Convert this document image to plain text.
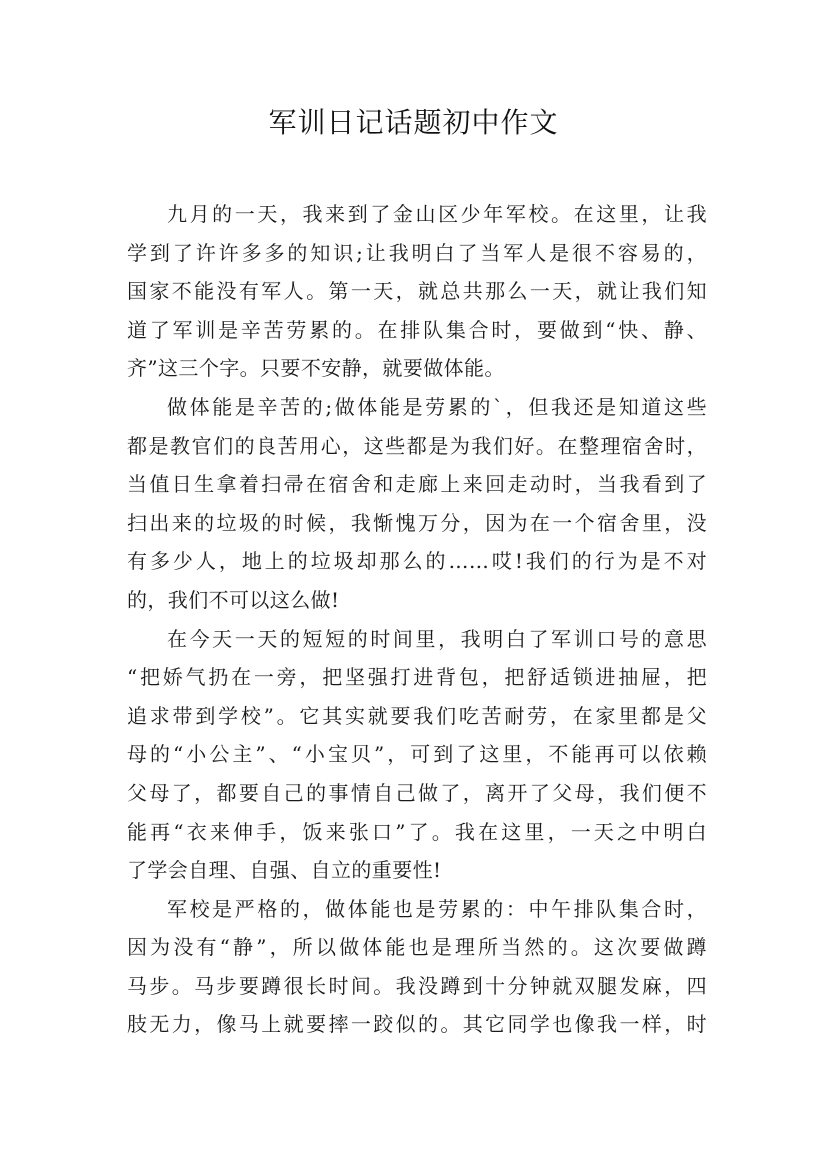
军训日记话题初中作文
九月的一天，我来到了金山区少年军校。在这里，让我
学到了许许多多的知识;让我明白了当军人是很不容易的，
国家不能没有军人。第一天，就总共那么一天，就让我们知
道了军训是辛苦劳累的。在排队集合时，要做到“快、静、
齐”这三个字。只要不安静，就要做体能。
做体能是辛苦的;做体能是劳累的`，但我还是知道这些
都是教官们的良苦用心，这些都是为我们好。在整理宿舍时，
当值日生拿着扫帚在宿舍和走廊上来回走动时，当我看到了
扫出来的垃圾的时候，我惭愧万分，因为在一个宿舍里，没
有多少人，地上的垃圾却那么的……哎!我们的行为是不对
的，我们不可以这么做!
在今天一天的短短的时间里，我明白了军训口号的意思
“把娇气扔在一旁，把坚强打进背包，把舒适锁进抽屉，把
追求带到学校”。它其实就要我们吃苦耐劳，在家里都是父
母的“小公主”、“小宝贝”，可到了这里，不能再可以依赖
父母了，都要自己的事情自己做了，离开了父母，我们便不
能再“衣来伸手，饭来张口”了。我在这里，一天之中明白
了学会自理、自强、自立的重要性!
军校是严格的，做体能也是劳累的：中午排队集合时，
因为没有“静”，所以做体能也是理所当然的。这次要做蹲
马步。马步要蹲很长时间。我没蹲到十分钟就双腿发麻，四
肢无力，像马上就要摔一跤似的。其它同学也像我一样，时
